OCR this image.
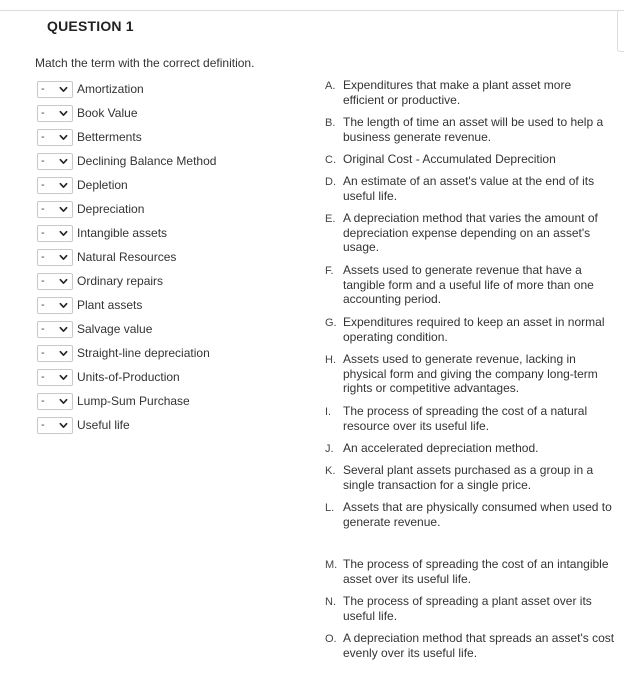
QUESTION 1
Match the term with the correct definition.
-	Amortization
-	Book Value
-	Betterments
-	Declining Balance Method
-	Depletion
-	Depreciation
-	Intangible assets
-	Natural Resources
-	Ordinary repairs
-	Plant assets
-	Salvage value
-	Straight-line depreciation
-	Units-of-Production
-	Lump-Sum Purchase
-	Useful life
A. Expenditures that make a plant asset more efficient or productive.
B. The length of time an asset will be used to help a business generate revenue.
C. Original Cost - Accumulated Deprecition
D. An estimate of an asset's value at the end of its useful life.
E. A depreciation method that varies the amount of depreciation expense depending on an asset's usage.
F. Assets used to generate revenue that have a tangible form and a useful life of more than one accounting period.
G. Expenditures required to keep an asset in normal operating condition.
H. Assets used to generate revenue, lacking in physical form and giving the company long-term rights or competitive advantages.
I. The process of spreading the cost of a natural resource over its useful life.
J. An accelerated depreciation method.
K. Several plant assets purchased as a group in a single transaction for a single price.
L. Assets that are physically consumed when used to generate revenue.
M. The process of spreading the cost of an intangible asset over its useful life.
N. The process of spreading a plant asset over its useful life.
O. A depreciation method that spreads an asset's cost evenly over its useful life.
